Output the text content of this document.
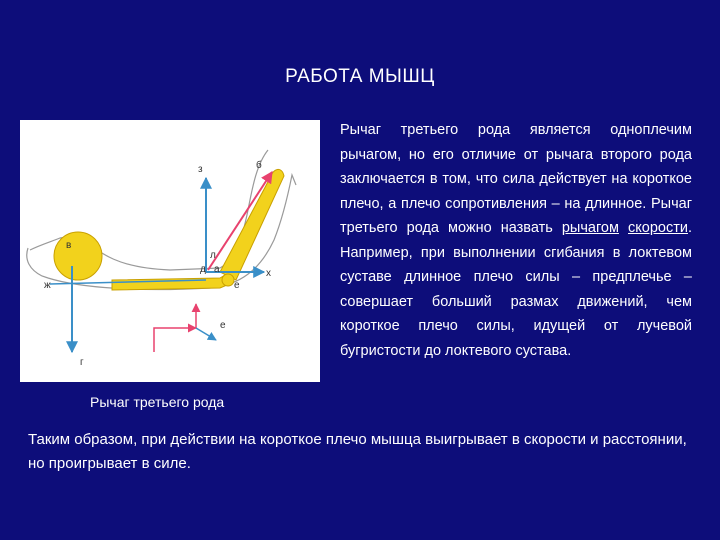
РАБОТА МЫШЦ
в
г
ж
з	б
л
д а	х
е
е
Рычаг третьего рода
Рычаг третьего рода является одноплечим рычагом, но его отличие от рычага второго рода заключается в том, что сила действует на короткое плечо, а плечо сопротивления – на длинное. Рычаг третьего рода можно назвать рычагом скорости. Например, при выполнении сгибания в локтевом суставе длинное плечо силы – предплечье – совершает больший размах движений, чем короткое плечо силы, идущей от лучевой бугристости до локтевого сустава.
Таким образом, при действии на короткое плечо мышца выигрывает в скорости и расстоянии, но проигрывает в силе.
